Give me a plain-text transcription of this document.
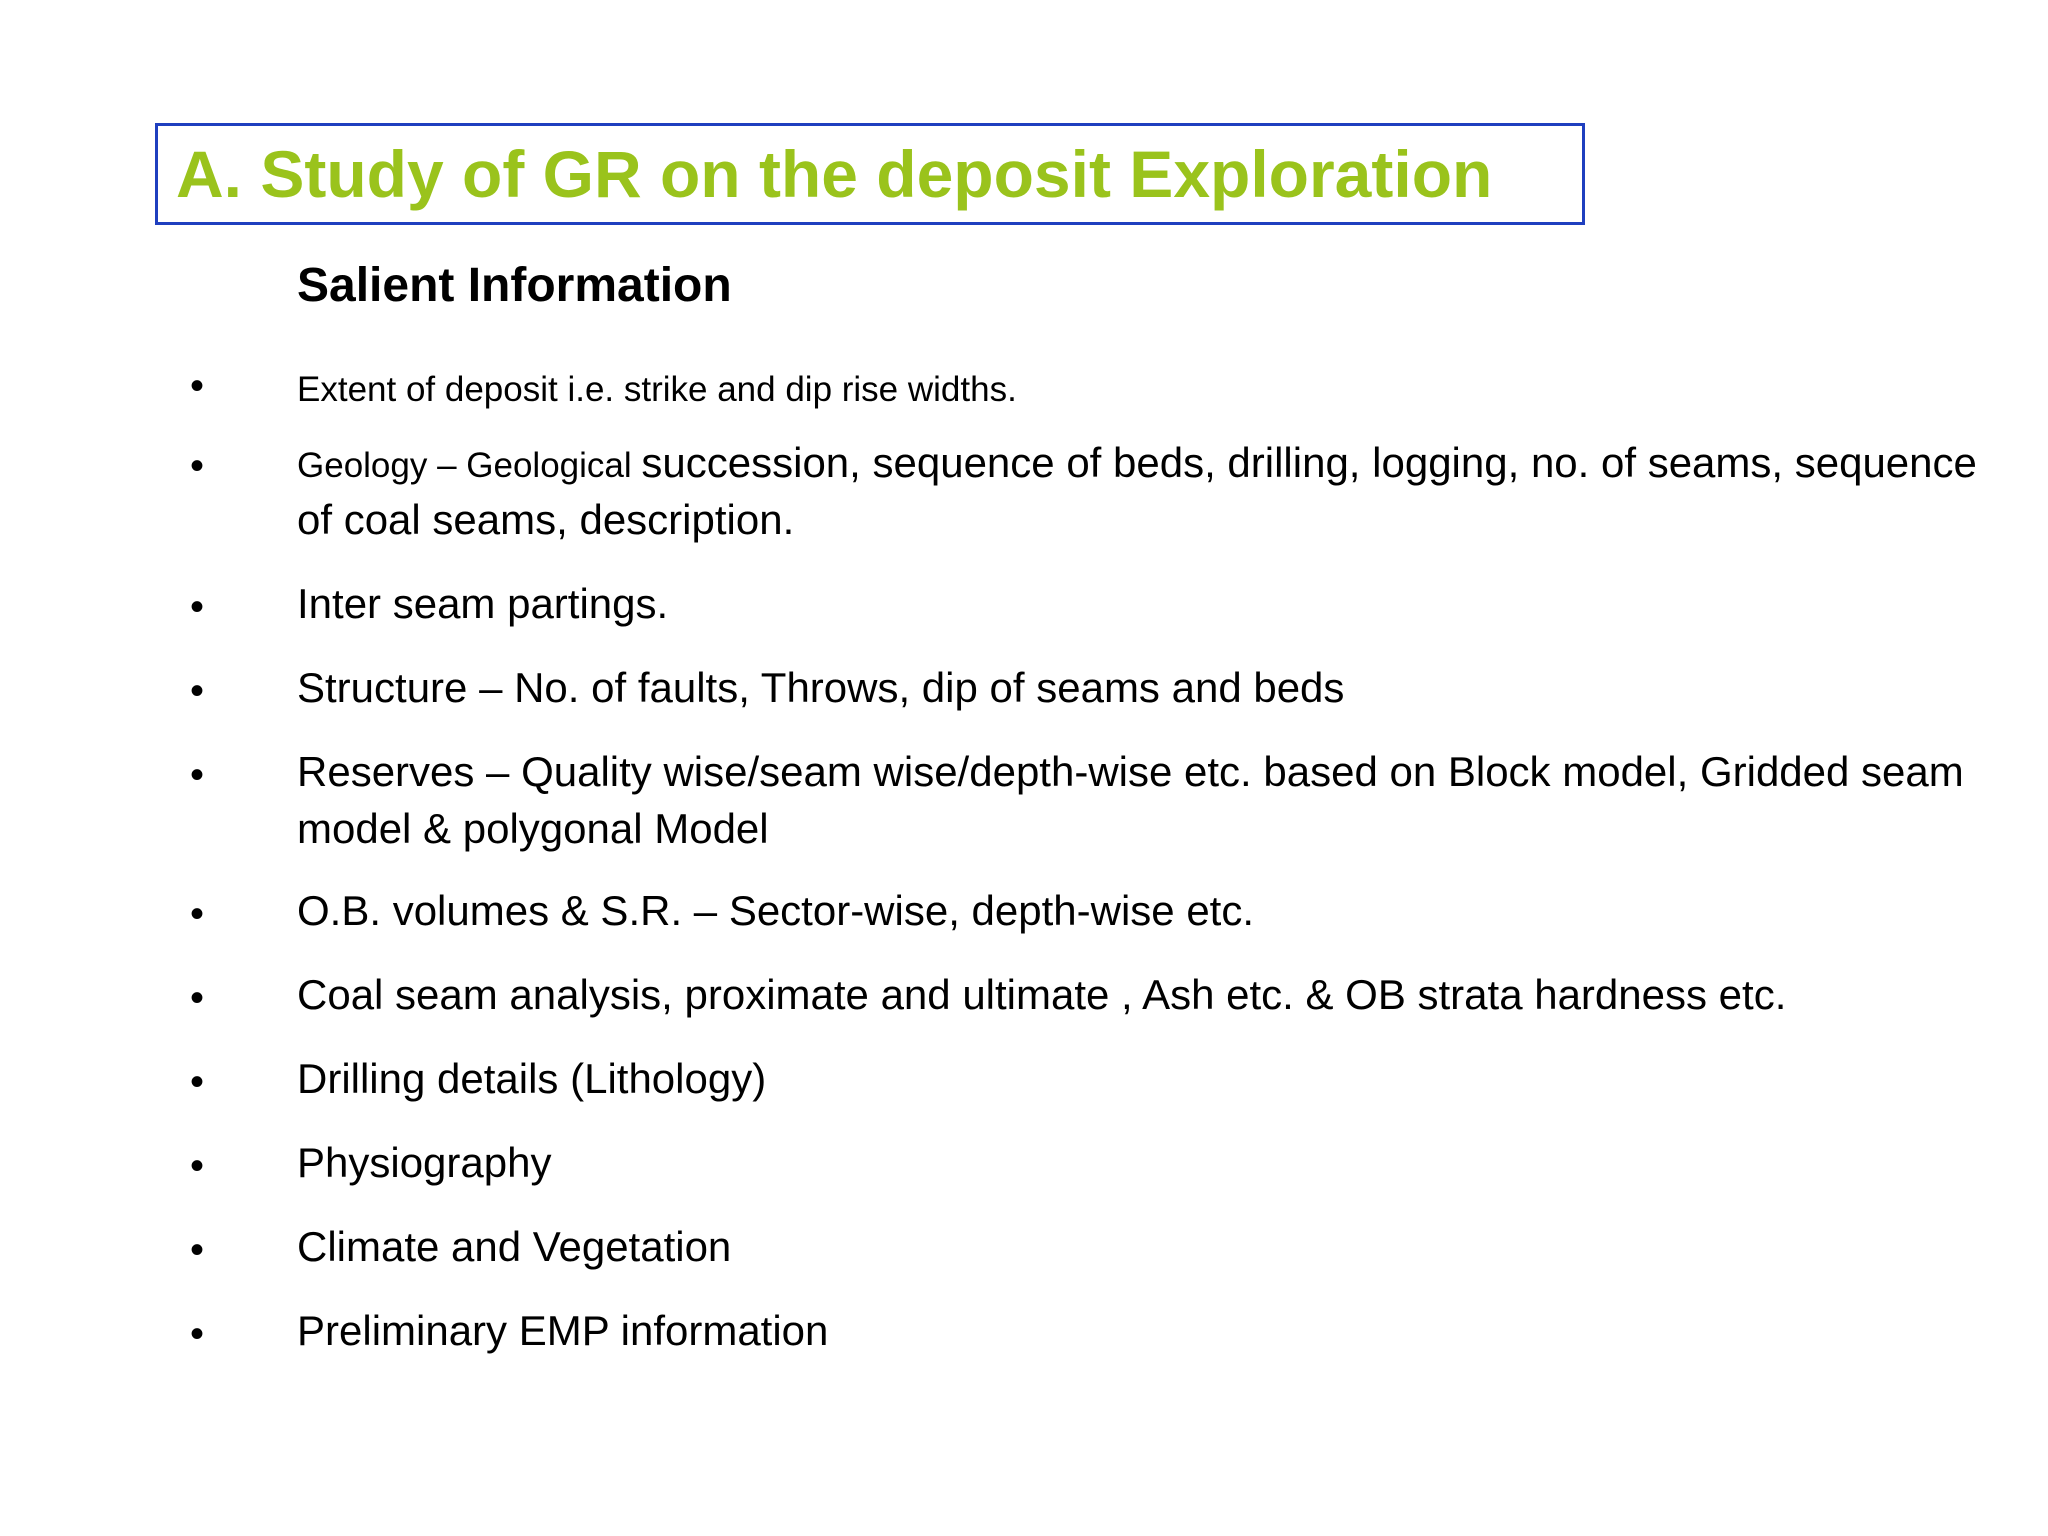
A. Study of GR on the deposit Exploration
Salient Information
•	Extent of deposit i.e. strike and dip rise widths.
•	Geology – Geological succession, sequence of beds, drilling, logging, no. of seams, sequence of coal seams, description.
• Inter seam partings.
• Structure – No. of faults, Throws, dip of seams and beds
• Reserves – Quality wise/seam wise/depth-wise etc. based on Block model, Gridded seam model & polygonal Model
• O.B. volumes & S.R. – Sector-wise, depth-wise etc.
• Coal seam analysis, proximate and ultimate , Ash etc. & OB strata hardness etc.
• Drilling details (Lithology)
• Physiography
• Climate and Vegetation
• Preliminary EMP information
